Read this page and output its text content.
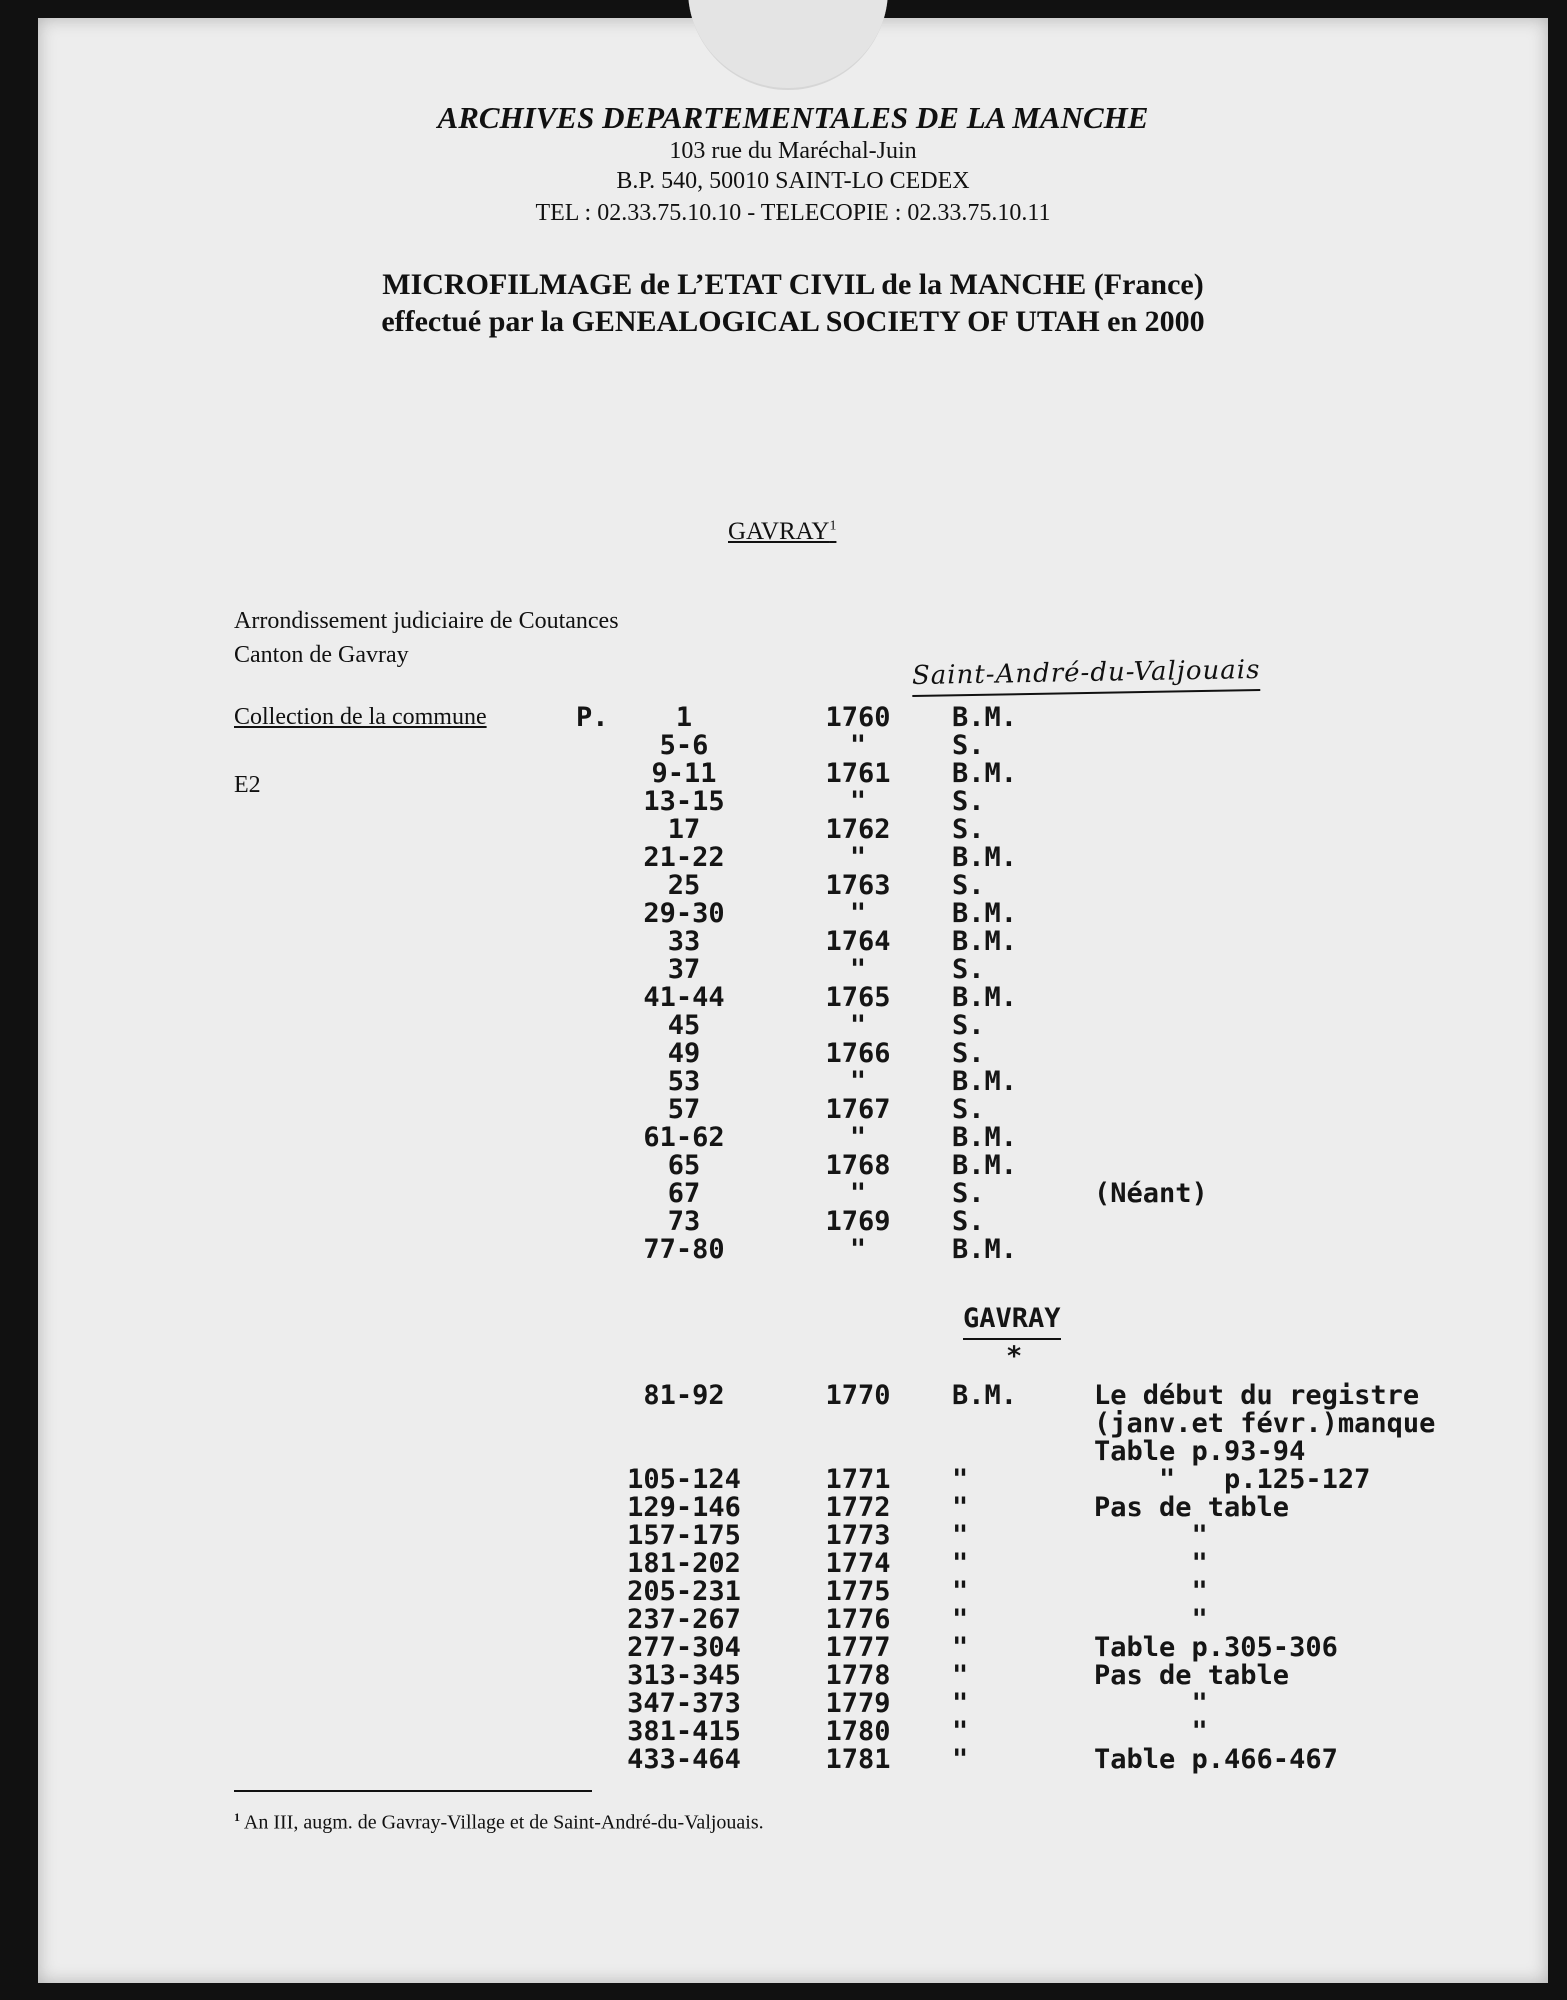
ARCHIVES DEPARTEMENTALES DE LA MANCHE
103 rue du Maréchal-Juin
B.P. 540, 50010 SAINT-LO CEDEX
TEL : 02.33.75.10.10 - TELECOPIE : 02.33.75.10.11
MICROFILMAGE de L’ETAT CIVIL de la MANCHE (France)
effectué par la GENEALOGICAL SOCIETY OF UTAH en 2000
GAVRAY$^1$
Arrondissement judiciaire de Coutances
Canton de Gavray
Collection de la commune
E2
Saint-André-du-Valjouais
P.	1	1760	B.M.
5-6	"	S.
9-11	1761	B.M.
13-15	"	S.
17	1762	S.
21-22	"	B.M.
25	1763	S.
29-30	"	B.M.
33	1764	B.M.
37	"	S.
41-44	1765	B.M.
45	"	S.
49	1766	S.
53	"	B.M.
57	1767	S.
61-62	"	B.M.
65	1768	B.M.
67	"	S.	(Néant)
73	1769	S.
77-80	"	B.M.
GAVRAY
*
81-92	1770	B.M.	Le début du registre
(janv.et févr.)manque
Table p.93-94
105-124	1771	"	"   p.125-127
129-146	1772	"	Pas de table
157-175	1773	"	"
181-202	1774	"	"
205-231	1775	"	"
237-267	1776	"	"
277-304	1777	"	Table p.305-306
313-345	1778	"	Pas de table
347-373	1779	"	"
381-415	1780	"	"
433-464	1781	"	Table p.466-467
$^1$ An III, augm. de Gavray-Village et de Saint-André-du-Valjouais.
